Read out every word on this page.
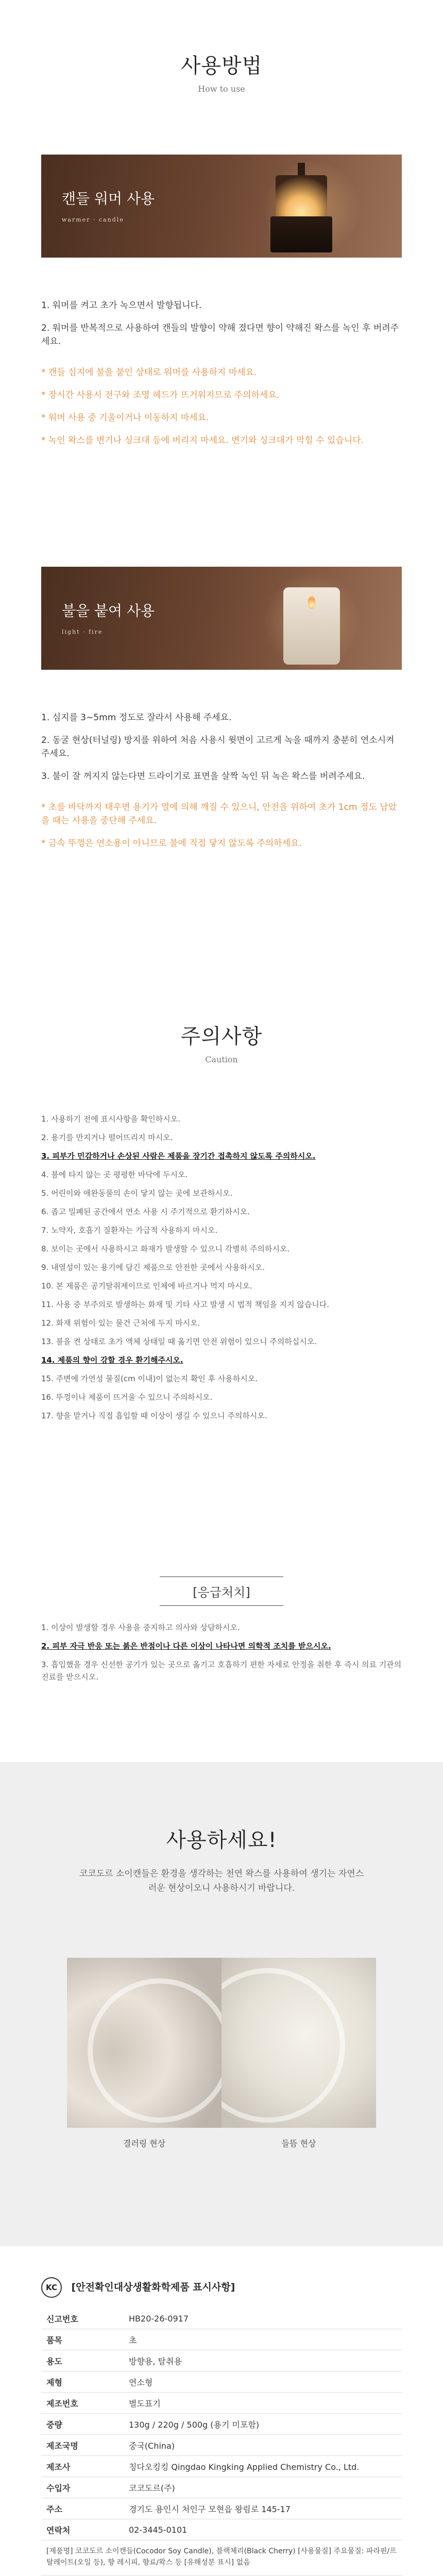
사용방법
How to use
캔들 워머 사용
warmer · candle
1. 워머를 켜고 초가 녹으면서 발향됩니다.
2. 워머를 반복적으로 사용하여 캔들의 발향이 약해 졌다면 향이 약해진 왁스를 녹인 후 버려주세요.
* 캔들 심지에 불을 붙인 상태로 워머를 사용하지 마세요.
* 장시간 사용시 전구와 조명 헤드가 뜨거워지므로 주의하세요.
* 워머 사용 중 기울이거나 이동하지 마세요.
* 녹인 왁스를 변기나 싱크대 등에 버리지 마세요. 변기와 싱크대가 막힐 수 있습니다.
불을 붙여 사용
light · fire
1. 심지를 3~5mm 정도로 잘라서 사용해 주세요.
2. 동굴 현상(터널링) 방지를 위하여 처음 사용시 윗면이 고르게 녹을 때까지 충분히 연소시켜 주세요.
3. 불이 잘 꺼지지 않는다면 드라이기로 표면을 살짝 녹인 뒤 녹은 왁스를 버려주세요.
* 초를 바닥까지 태우면 용기가 열에 의해 깨질 수 있으니, 안전을 위하여 초가 1cm 정도 남았을 때는 사용을 중단해 주세요.
* 금속 뚜껑은 연소용이 아니므로 불에 직접 닿지 않도록 주의하세요.
주의사항
Caution
1. 사용하기 전에 표시사항을 확인하시오.
2. 용기를 만지거나 떨어뜨리지 마시오.
3. 피부가 민감하거나 손상된 사람은 제품을 장기간 접촉하지 않도록 주의하시오.
4. 불에 타지 않는 곳 평평한 바닥에 두시오.
5. 어린이와 애완동물의 손이 닿지 않는 곳에 보관하시오.
6. 좁고 밀폐된 공간에서 연소 사용 시 주기적으로 환기하시오.
7. 노약자, 호흡기 질환자는 가급적 사용하지 마시오.
8. 보이는 곳에서 사용하시고 화재가 발생할 수 있으니 각별히 주의하시오.
9. 내열성이 있는 용기에 담긴 제품으로 안전한 곳에서 사용하시오.
10. 본 제품은 공기탈취제이므로 인체에 바르거나 먹지 마시오.
11. 사용 중 부주의로 발생하는 화재 및 기타 사고 발생 시 법적 책임을 지지 않습니다.
12. 화재 위험이 있는 물건 근처에 두지 마시오.
13. 불을 켠 상태로 초가 액체 상태일 때 옮기면 안전 위험이 있으니 주의하십시오.
14. 제품의 향이 강할 경우 환기해주시오.
15. 주변에 가연성 물질(cm 이내)이 없는지 확인 후 사용하시오.
16. 뚜껑이나 제품이 뜨거울 수 있으니 주의하시오.
17. 향을 맡거나 직접 흡입할 때 이상이 생길 수 있으니 주의하시오.
[응급처치]
1. 이상이 발생할 경우 사용을 중지하고 의사와 상담하시오.
2. 피부 자극 반응 또는 붉은 반점이나 다른 이상이 나타나면 의학적 조치를 받으시오.
3. 흡입했을 경우 신선한 공기가 있는 곳으로 옮기고 호흡하기 편한 자세로 안정을 취한 후 즉시 의료 기관의 진료를 받으시오.
사용하세요!
코코도르 소이캔들은 환경을 생각하는 천연 왁스를 사용하여 생기는 자연스러운 현상이오니 사용하시기 바랍니다.
결러링 현상	들뜸 현상
KC [안전확인대상생활화학제품 표시사항]
신고번호	HB20-26-0917
품목	초
용도	방향용, 탈취용
제형	연소형
제조번호	별도표기
중량	130g / 220g / 500g (용기 미포함)
제조국명	중국(China)
제조사	칭다오킹킹 Qingdao Kingking Applied Chemistry Co., Ltd.
수입자	코코도르(주)
주소	경기도 용인시 처인구 모현읍 왕림로 145-17
연락처	02-3445-0101
[제품명] 코코도르 소이캔들(Cocodor Soy Candle), 블랙체리(Black Cherry) [사용물질] 주요물질: 파라핀/프탈레이트(오일 등), 향 레시피, 향료/왁스 등 [유해성분 표시] 없음
